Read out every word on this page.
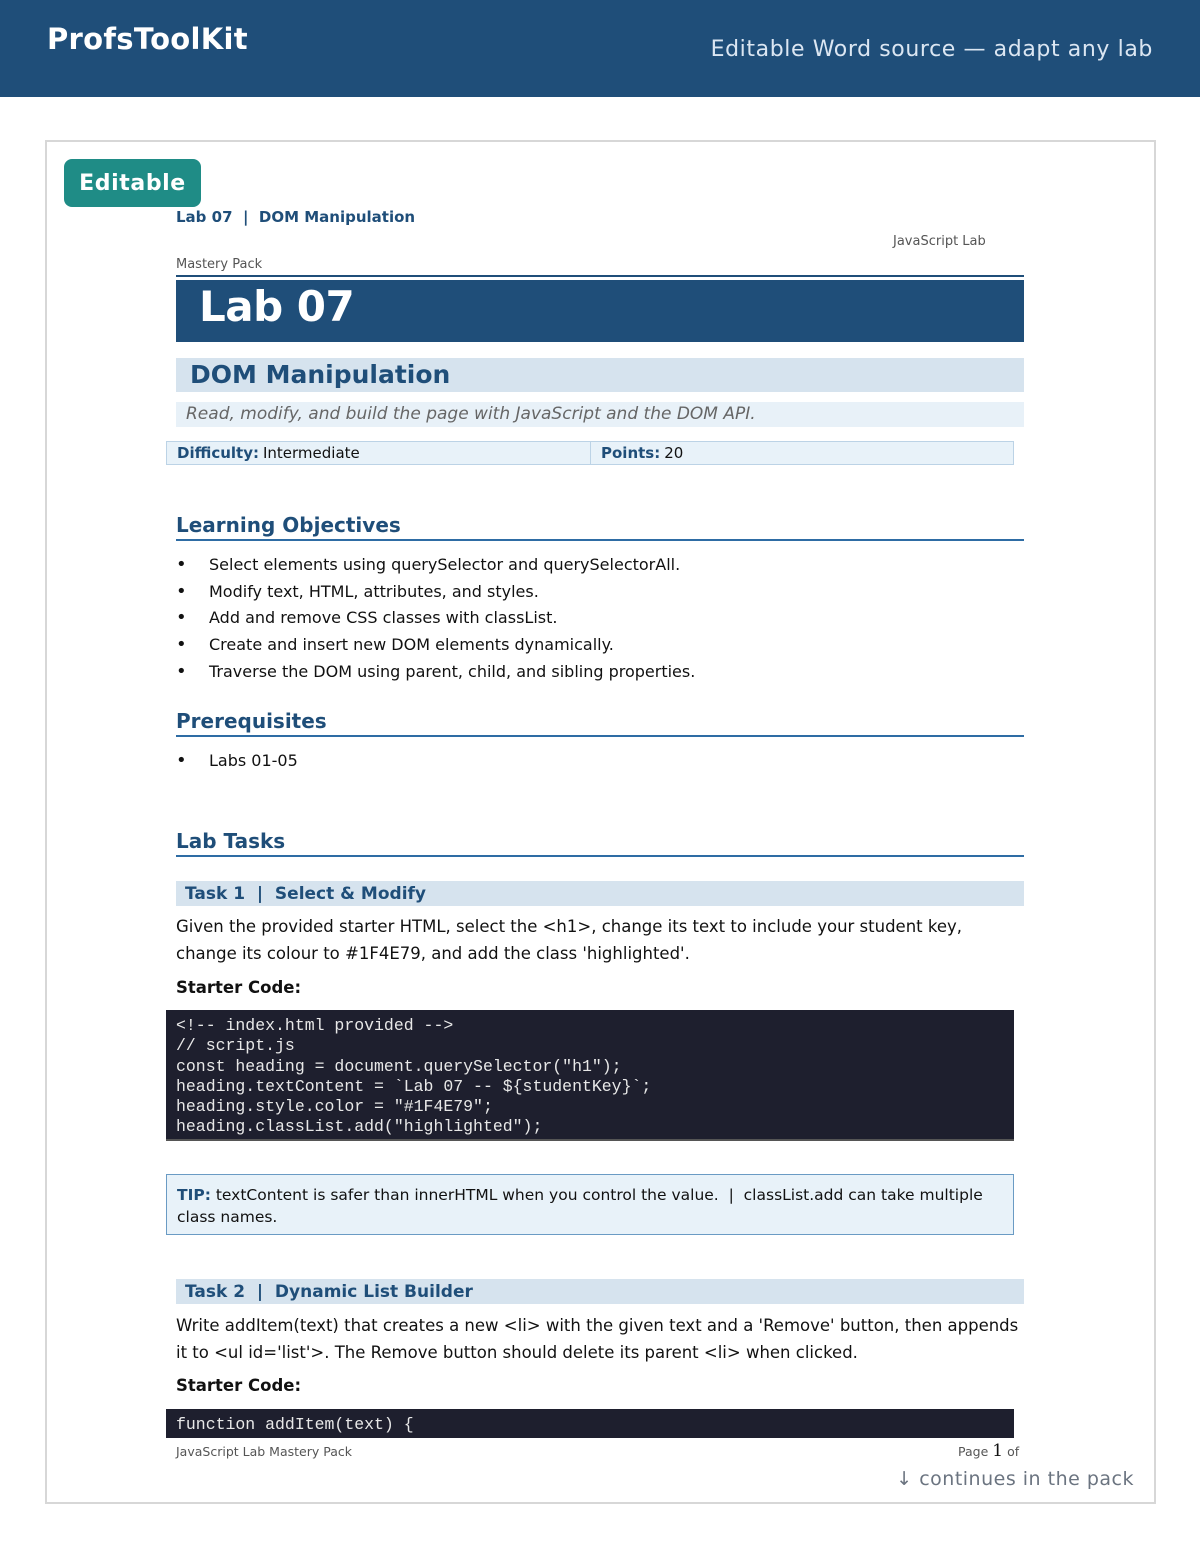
ProfsToolKit	Editable Word source — adapt any lab
Editable
Lab 07  |  DOM Manipulation
JavaScript Lab
Mastery Pack
Lab 07
DOM Manipulation
Read, modify, and build the page with JavaScript and the DOM API.
Difficulty: Intermediate	Points: 20
Learning Objectives
• Select elements using querySelector and querySelectorAll.
• Modify text, HTML, attributes, and styles.
• Add and remove CSS classes with classList.
• Create and insert new DOM elements dynamically.
• Traverse the DOM using parent, child, and sibling properties.
Prerequisites
• Labs 01-05
Lab Tasks
Task 1  |  Select & Modify
Given the provided starter HTML, select the <h1>, change its text to include your student key, change its colour to #1F4E79, and add the class 'highlighted'.
Starter Code:
<!-- index.html provided -->
// script.js
const heading = document.querySelector("h1");
heading.textContent = `Lab 07 -- ${studentKey}`;
heading.style.color = "#1F4E79";
heading.classList.add("highlighted");
TIP: textContent is safer than innerHTML when you control the value.  |  classList.add can take multiple class names.
Task 2  |  Dynamic List Builder
Write addItem(text) that creates a new <li> with the given text and a 'Remove' button, then appends it to <ul id='list'>. The Remove button should delete its parent <li> when clicked.
Starter Code:
function addItem(text) {
JavaScript Lab Mastery Pack	Page 1 of
↓ continues in the pack
